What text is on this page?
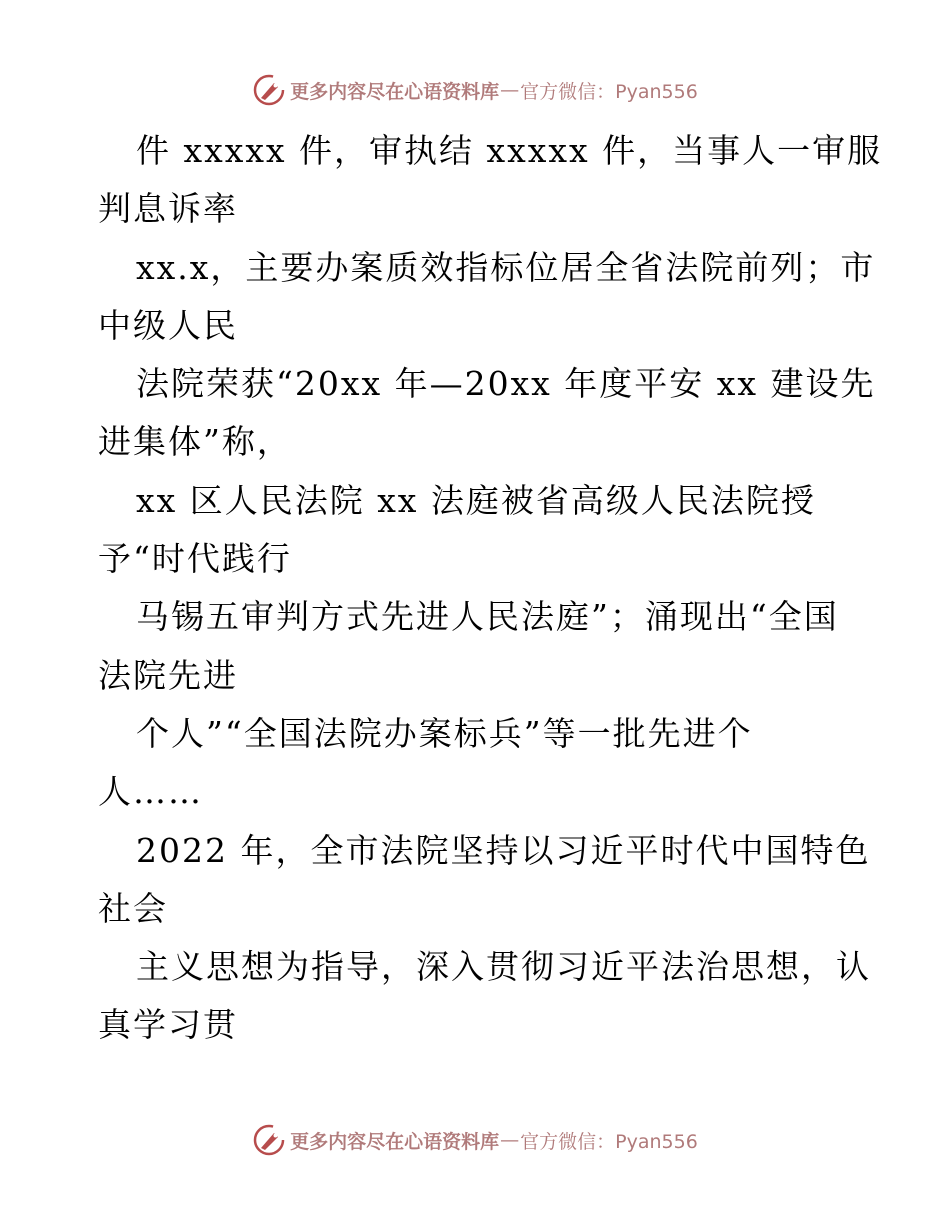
更多内容尽在心语资料库 — 官方微信：Pyan556
件 xxxxx 件，审执结 xxxxx 件，当事人一审服
判息诉率
xx.x，主要办案质效指标位居全省法院前列；市
中级人民
法院荣获“20xx 年—20xx 年度平安 xx 建设先
进集体”称，
xx 区人民法院 xx 法庭被省高级人民法院授
予“时代践行
马锡五审判方式先进人民法庭”；涌现出“全国
法院先进
个人”“全国法院办案标兵”等一批先进个
人……
2022 年，全市法院坚持以习近平时代中国特色
社会
主义思想为指导，深入贯彻习近平法治思想，认
真学习贯
更多内容尽在心语资料库 — 官方微信：Pyan556
